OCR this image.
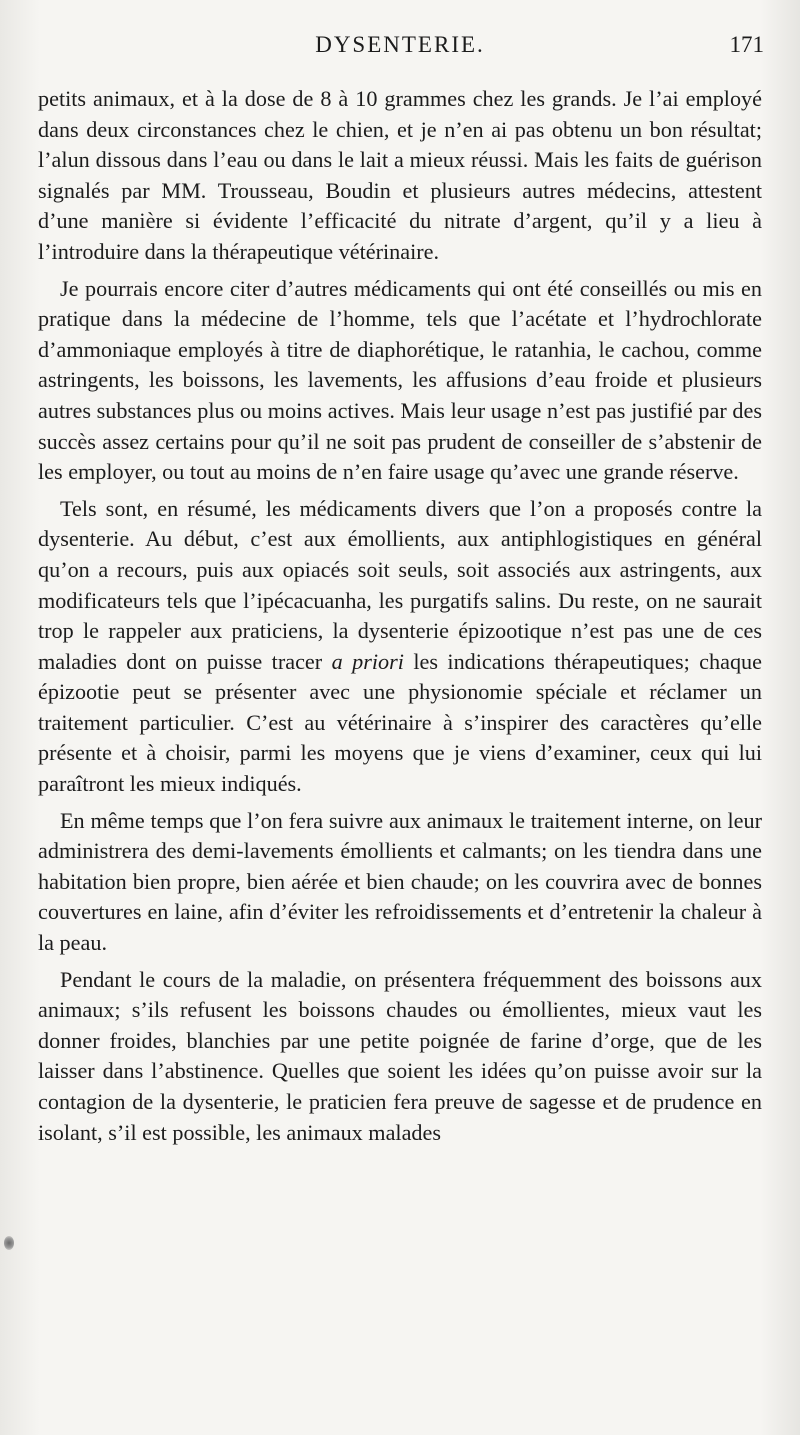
DYSENTERIE.	171

petits animaux, et à la dose de 8 à 10 grammes chez les grands. Je l’ai employé dans deux circonstances chez le chien, et je n’en ai pas obtenu un bon résultat; l’alun dissous dans l’eau ou dans le lait a mieux réussi. Mais les faits de guérison signalés par MM. Trousseau, Boudin et plusieurs autres médecins, attestent d’une manière si évidente l’efficacité du nitrate d’argent, qu’il y a lieu à l’introduire dans la thérapeutique vétérinaire.

Je pourrais encore citer d’autres médicaments qui ont été conseillés ou mis en pratique dans la médecine de l’homme, tels que l’acétate et l’hydrochlorate d’ammoniaque employés à titre de diaphorétique, le ratanhia, le cachou, comme astringents, les boissons, les lavements, les affusions d’eau froide et plusieurs autres substances plus ou moins actives. Mais leur usage n’est pas justifié par des succès assez certains pour qu’il ne soit pas prudent de conseiller de s’abstenir de les employer, ou tout au moins de n’en faire usage qu’avec une grande réserve.

Tels sont, en résumé, les médicaments divers que l’on a proposés contre la dysenterie. Au début, c’est aux émollients, aux antiphlogistiques en général qu’on a recours, puis aux opiacés soit seuls, soit associés aux astringents, aux modificateurs tels que l’ipécacuanha, les purgatifs salins. Du reste, on ne saurait trop le rappeler aux praticiens, la dysenterie épizootique n’est pas une de ces maladies dont on puisse tracer a priori les indications thérapeutiques; chaque épizootie peut se présenter avec une physionomie spéciale et réclamer un traitement particulier. C’est au vétérinaire à s’inspirer des caractères qu’elle présente et à choisir, parmi les moyens que je viens d’examiner, ceux qui lui paraîtront les mieux indiqués.

En même temps que l’on fera suivre aux animaux le traitement interne, on leur administrera des demi-lavements émollients et calmants; on les tiendra dans une habitation bien propre, bien aérée et bien chaude; on les couvrira avec de bonnes couvertures en laine, afin d’éviter les refroidissements et d’entretenir la chaleur à la peau.

Pendant le cours de la maladie, on présentera fréquemment des boissons aux animaux; s’ils refusent les boissons chaudes ou émollientes, mieux vaut les donner froides, blanchies par une petite poignée de farine d’orge, que de les laisser dans l’abstinence. Quelles que soient les idées qu’on puisse avoir sur la contagion de la dysenterie, le praticien fera preuve de sagesse et de prudence en isolant, s’il est possible, les animaux malades
